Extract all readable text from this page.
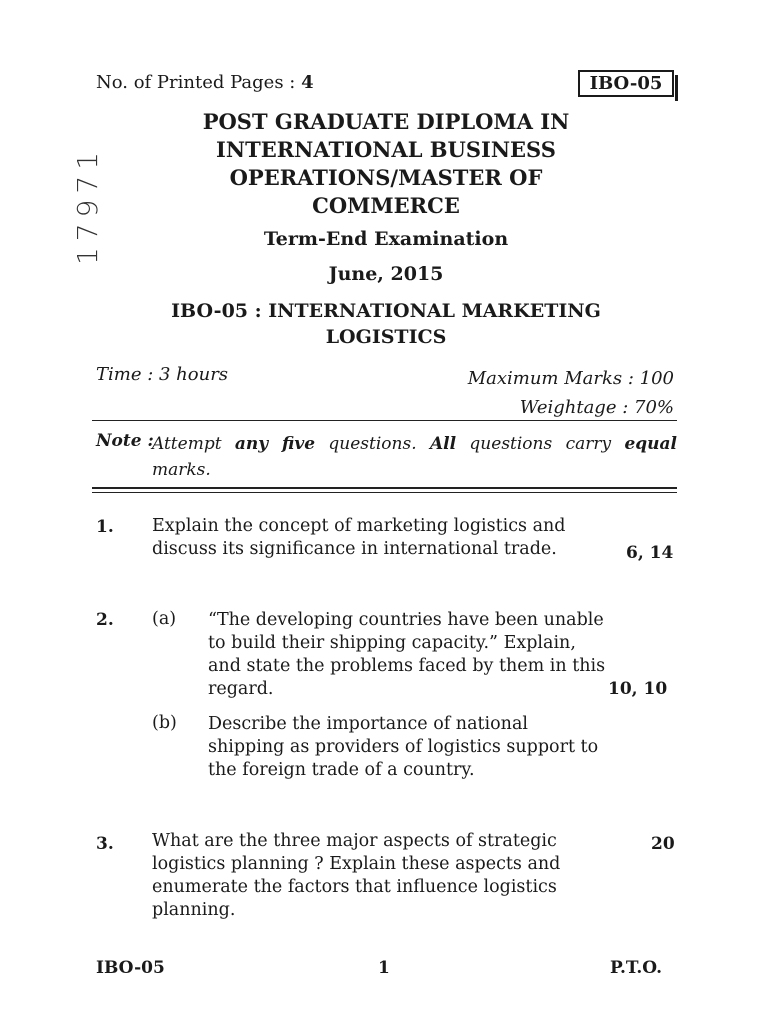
No. of Printed Pages : 4	IBO-05
17971
POST GRADUATE DIPLOMA IN
INTERNATIONAL BUSINESS
OPERATIONS/MASTER OF
COMMERCE
Term-End Examination
June, 2015
IBO-05 : INTERNATIONAL MARKETING
LOGISTICS
Time : 3 hours	Maximum Marks : 100
Weightage : 70%
Note :
Attempt any five questions. All questions carry equal marks.
1. Explain the concept of marketing logistics and
discuss its significance in international trade.	6, 14
2. (a) “The developing countries have been unable
to build their shipping capacity.” Explain,
and state the problems faced by them in this
regard.	10, 10
(b) Describe the importance of national
shipping as providers of logistics support to
the foreign trade of a country.
3. What are the three major aspects of strategic
logistics planning ? Explain these aspects and
enumerate the factors that influence logistics
planning.
20
IBO-05	1	P.T.O.
